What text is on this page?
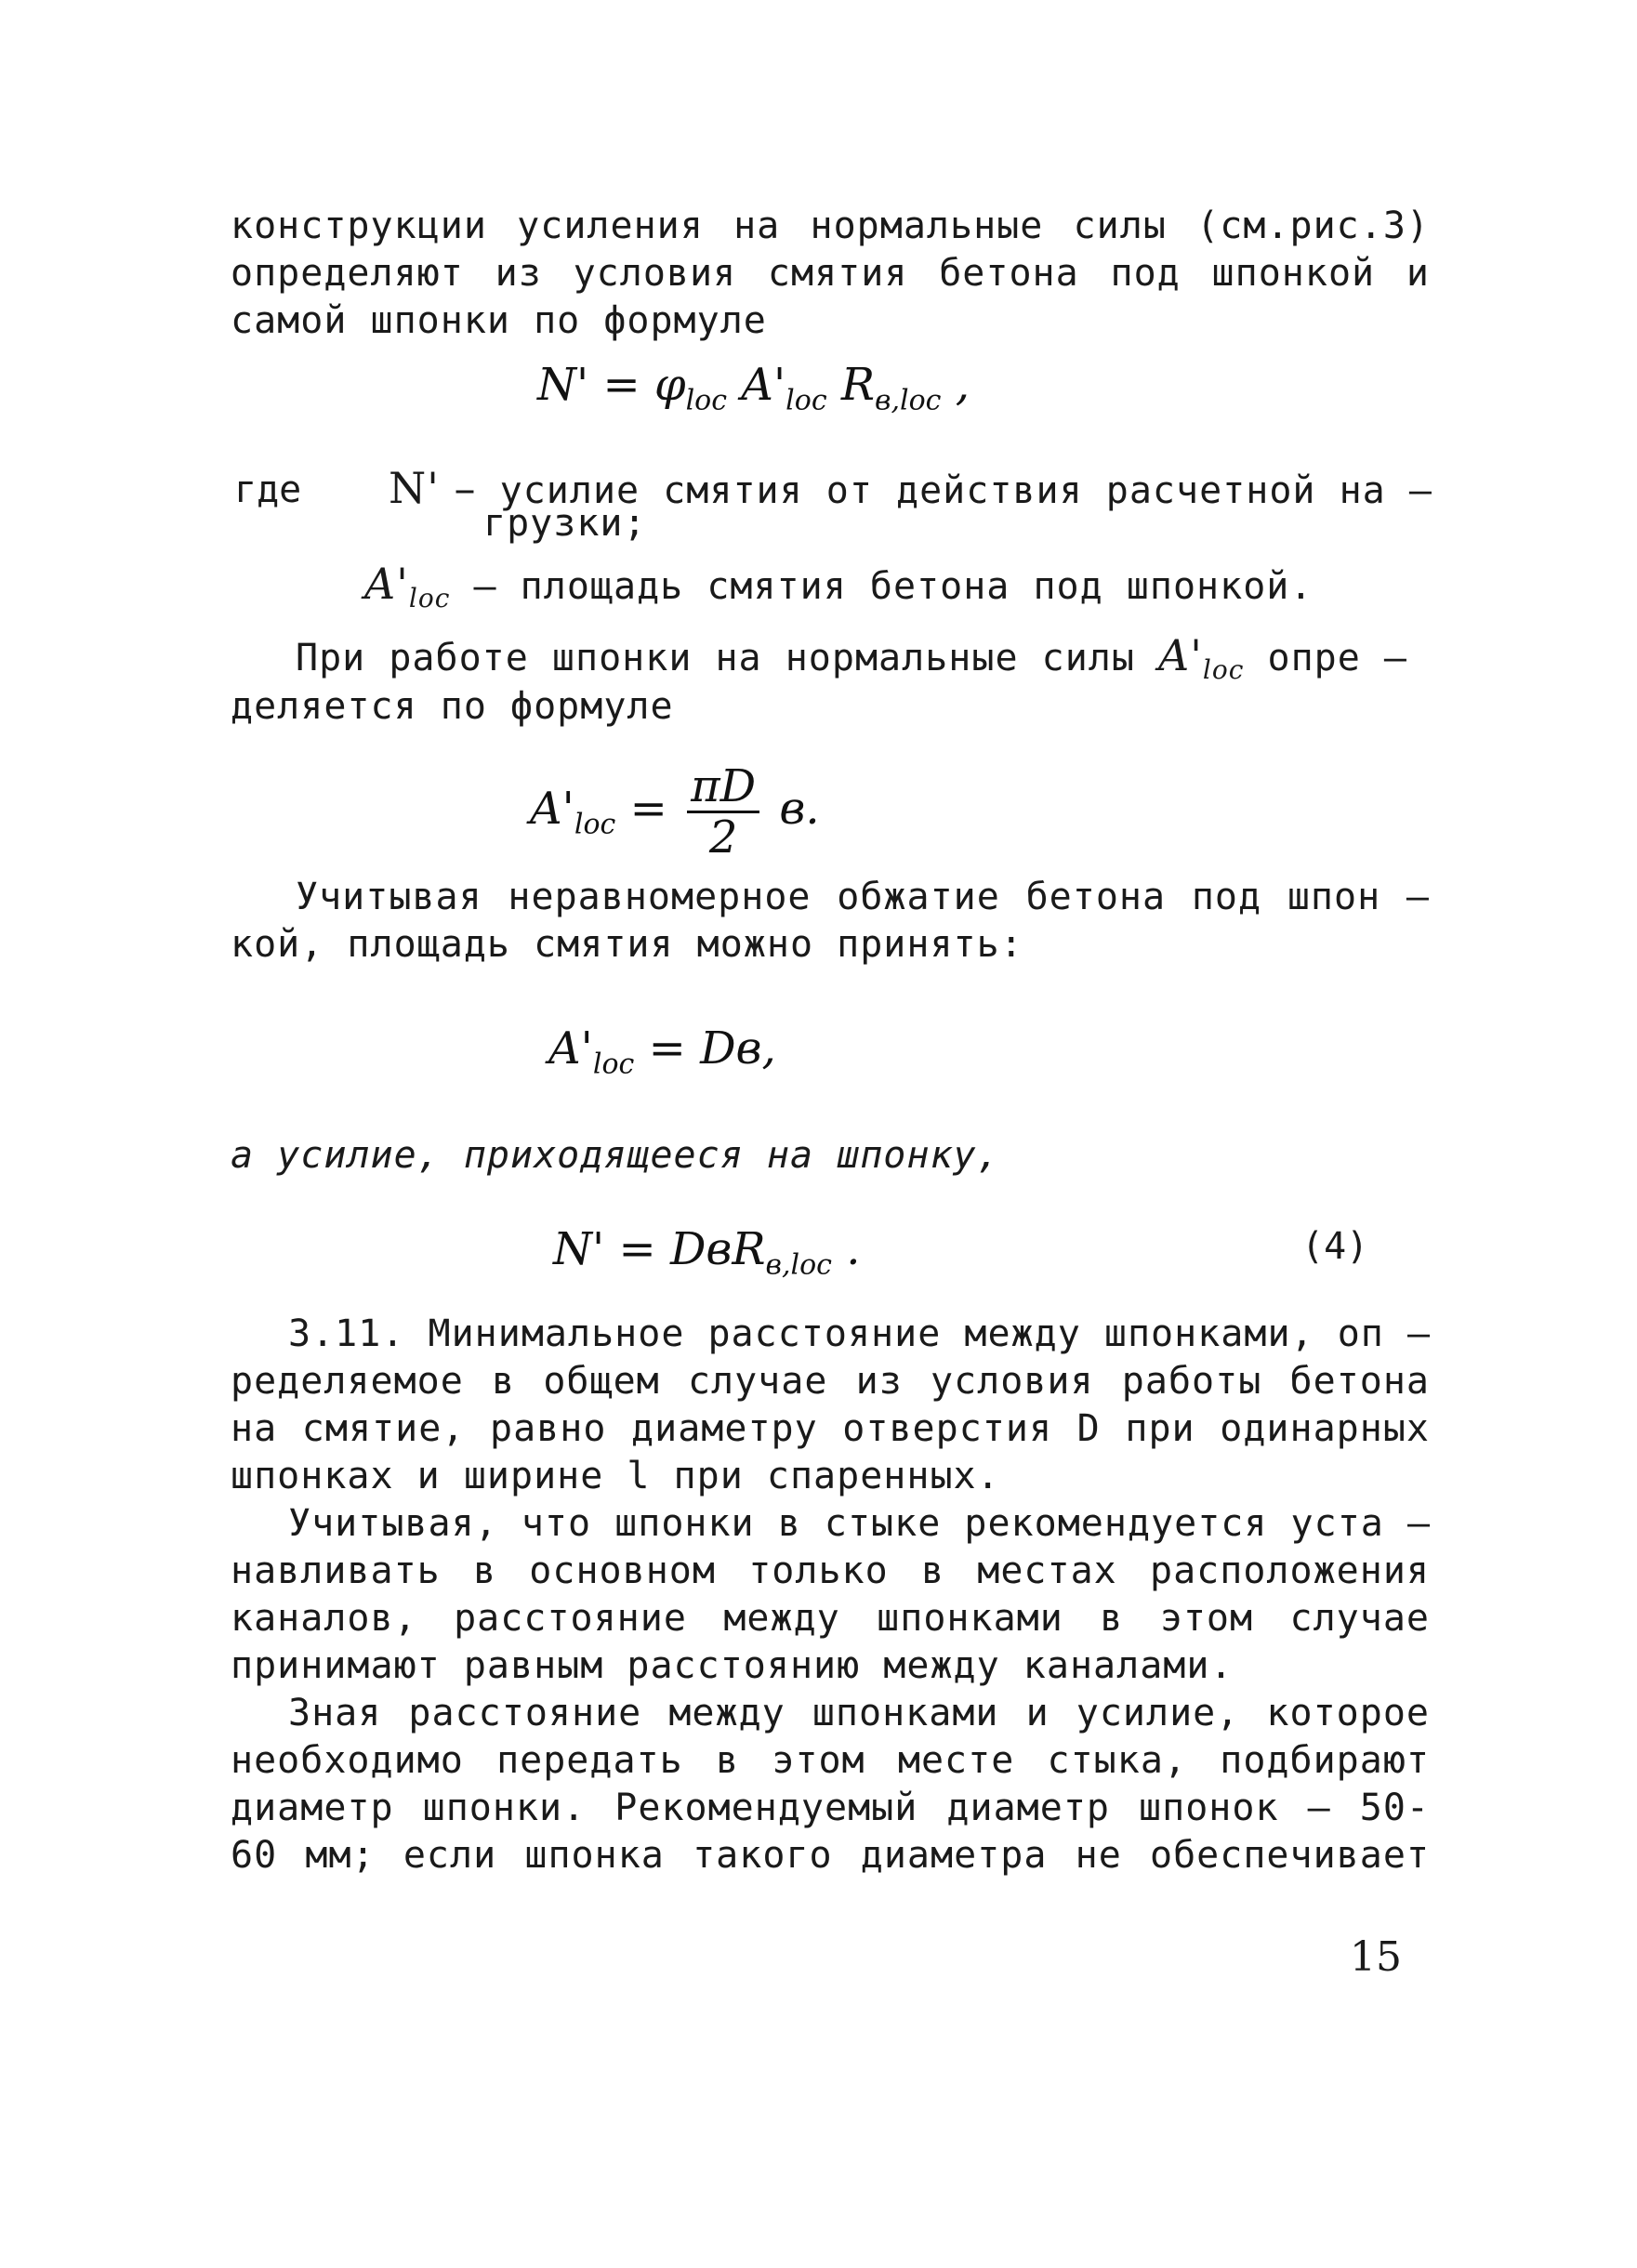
конструкции усиления на нормальные силы (см.рис.3)
определяют из условия смятия бетона под шпонкой и
самой шпонки по формуле
$N' = \varphi_{loc}$ $A'_{loc}$ $R_{в,loc}$ ,
где N' – усилие смятия от действия расчетной на –
грузки;
$A'_{loc}$ – площадь смятия бетона под шпонкой.
При работе шпонки на нормальные силы $A'_{loc}$ опре –
деляется по формуле
$A'_{loc} = \frac{\pi D}{2} в$.
Учитывая неравномерное обжатие бетона под шпон –
кой, площадь смятия можно принять:
$A'_{loc}$ = Dв,
а усилие, приходящееся на шпонку,
N' = DвR$_{в,loc}$ .	(4)
3.11. Минимальное расстояние между шпонками, оп –
ределяемое в общем случае из условия работы бетона
на смятие, равно диаметру отверстия D при одинарных
шпонках и ширине l при спаренных.
Учитывая, что шпонки в стыке рекомендуется уста –
навливать в основном только в местах расположения
каналов, расстояние между шпонками в этом случае
принимают равным расстоянию между каналами.
Зная расстояние между шпонками и усилие, которое
необходимо передать в этом месте стыка, подбирают
диаметр шпонки. Рекомендуемый диаметр шпонок – 50-
60 мм; если шпонка такого диаметра не обеспечивает
15
